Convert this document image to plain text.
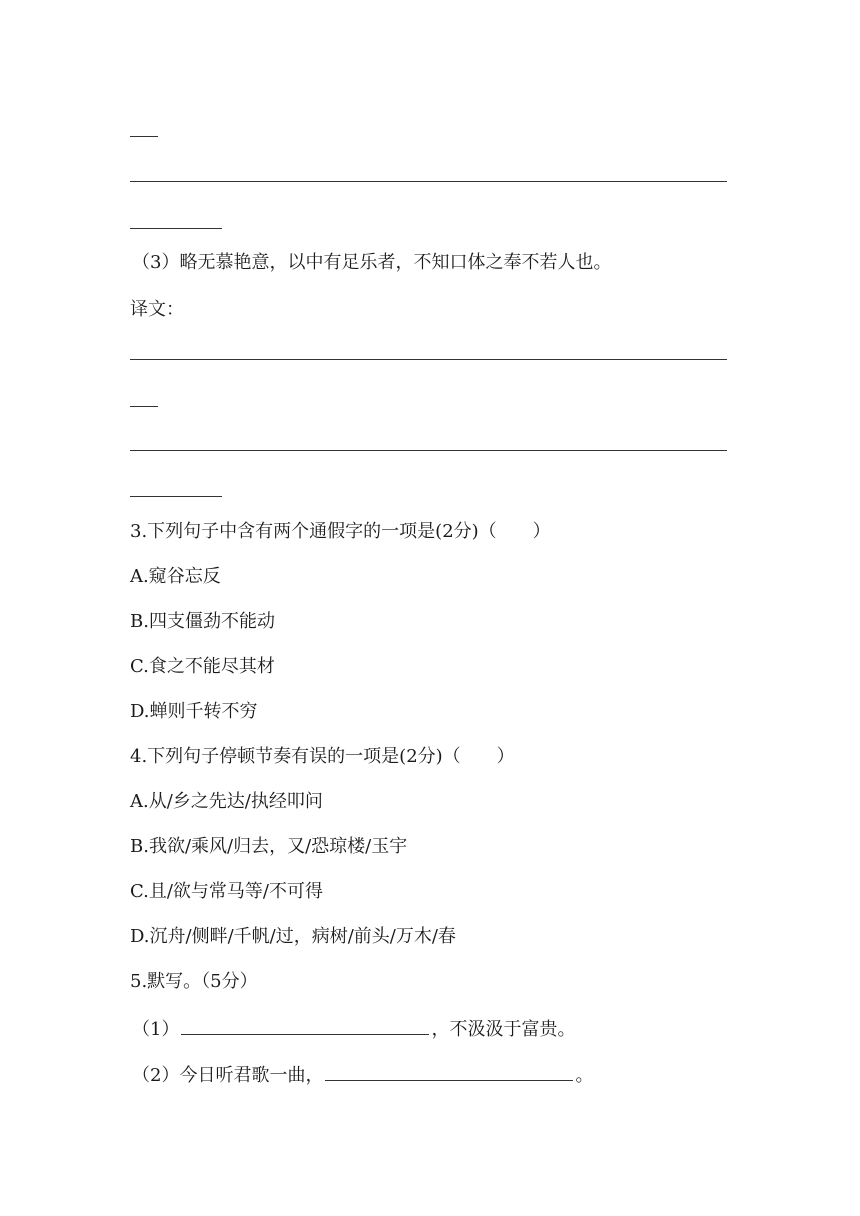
（3）略无慕艳意，以中有足乐者，不知口体之奉不若人也。
译文：
3.下列句子中含有两个通假字的一项是(2分)（　　）
A.窥谷忘反
B.四支僵劲不能动
C.食之不能尽其材
D.蝉则千转不穷
4.下列句子停顿节奏有误的一项是(2分)（　　）
A.从/乡之先达/执经叩问
B.我欲/乘风/归去，又/恐琼楼/玉宇
C.且/欲与常马等/不可得
D.沉舟/侧畔/千帆/过，病树/前头/万木/春
5.默写。（5分）
（1）	，不汲汲于富贵。
（2）今日听君歌一曲，	。
